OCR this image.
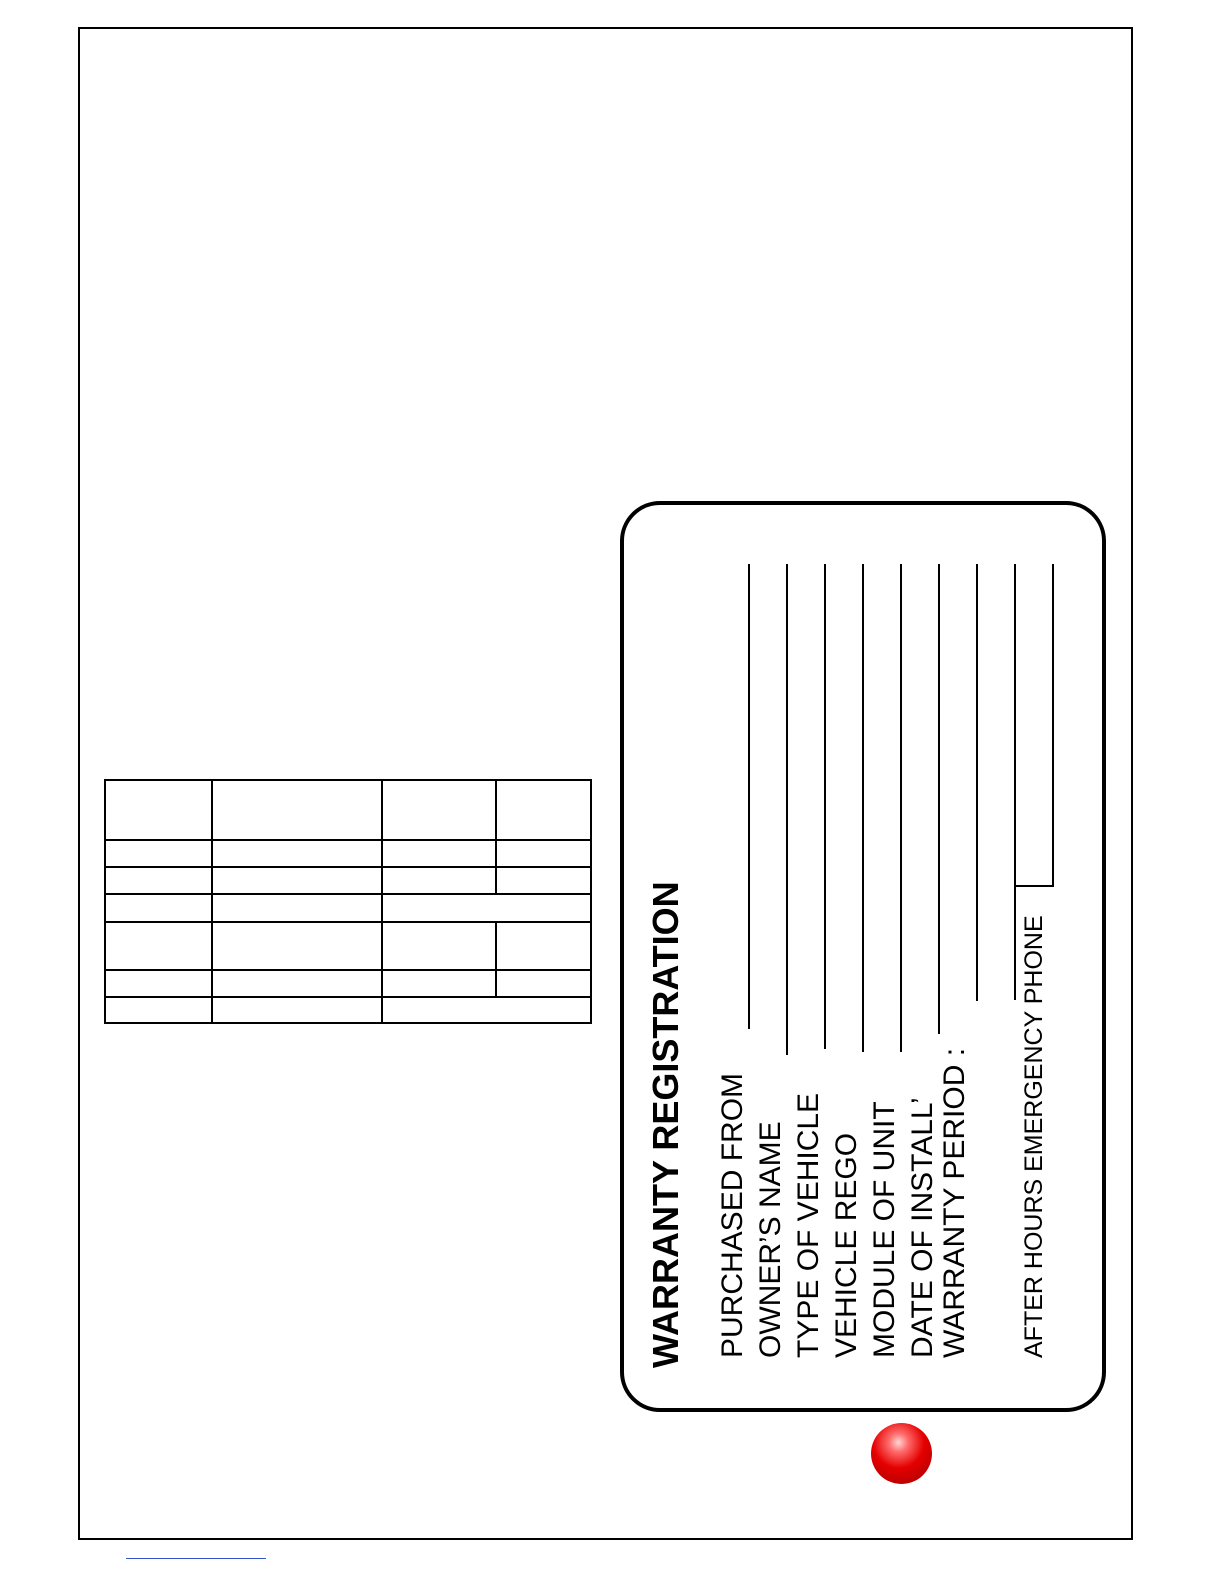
WARRANTY REGISTRATION PURCHASED FROM OWNER’S NAME TYPE OF VEHICLE VEHICLE REGO MODULE OF UNIT DATE OF INSTALL’ WARRANTY PERIOD : AFTER HOURS EMERGENCY PHONE
